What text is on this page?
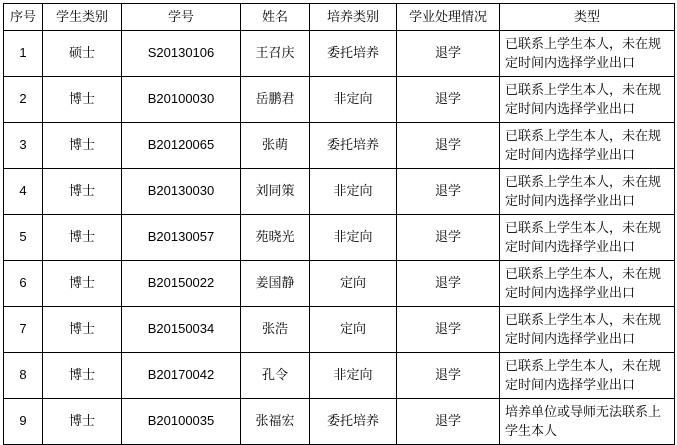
序号	学生类别	学号	姓名	培养类别	学业处理情况	类型
1	硕士	S20130106	王召庆	委托培养	退学	已联系上学生本人，未在规定时间内选择学业出口

2	博士	B20100030	岳鹏君	非定向	退学	已联系上学生本人，未在规定时间内选择学业出口

3	博士	B20120065	张萌	委托培养	退学	已联系上学生本人，未在规定时间内选择学业出口

4	博士	B20130030	刘同策	非定向	退学	已联系上学生本人，未在规定时间内选择学业出口

5	博士	B20130057	苑晓光	非定向	退学	已联系上学生本人，未在规定时间内选择学业出口

6	博士	B20150022	姜国静	定向	退学	已联系上学生本人，未在规定时间内选择学业出口

7	博士	B20150034	张浩	定向	退学	已联系上学生本人，未在规定时间内选择学业出口

8	博士	B20170042	孔令	非定向	退学	已联系上学生本人，未在规定时间内选择学业出口

9	博士	B20100035	张福宏	委托培养	退学	培养单位或导师无法联系上学生本人
